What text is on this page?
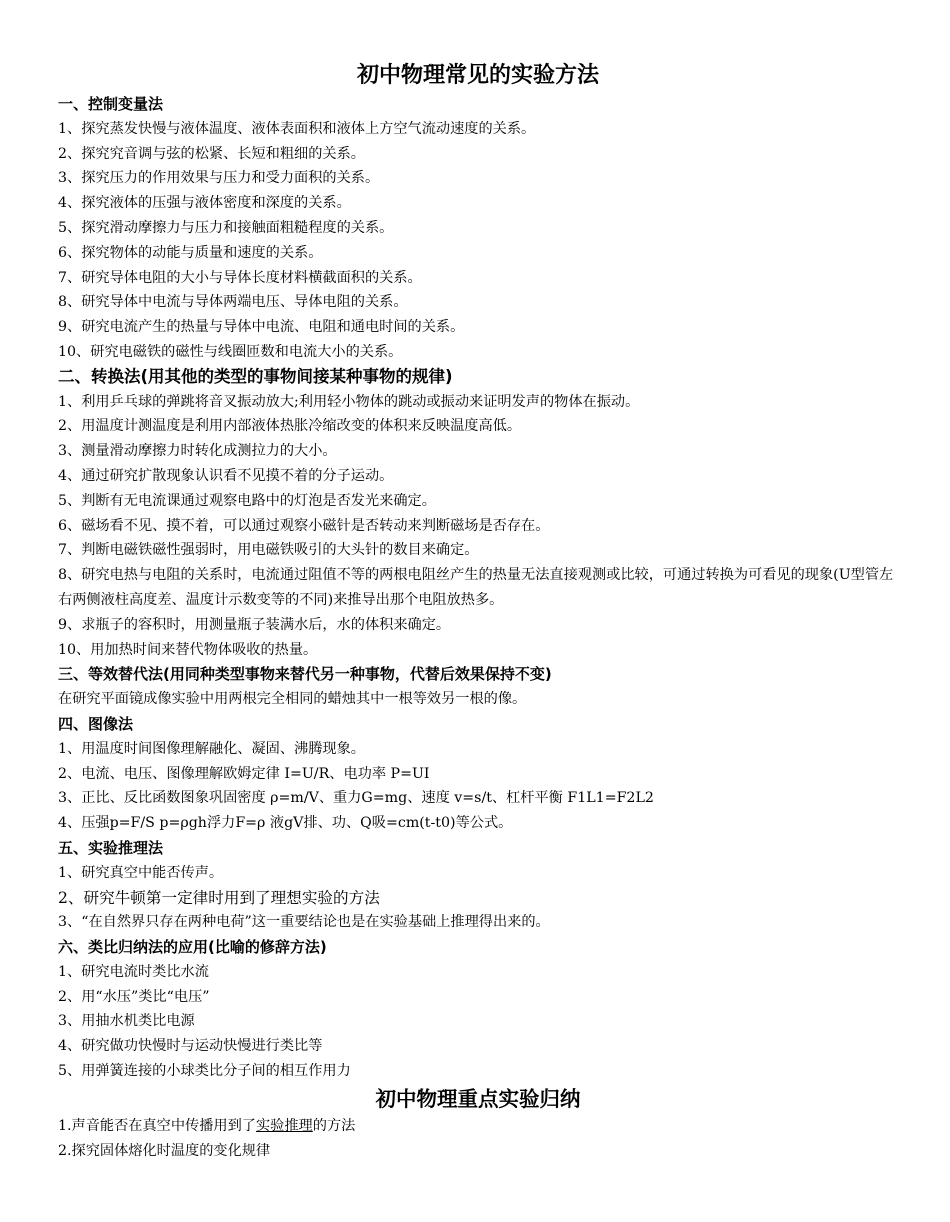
初中物理常见的实验方法
一、控制变量法
1、探究蒸发快慢与液体温度、液体表面积和液体上方空气流动速度的关系。
2、探究究音调与弦的松紧、长短和粗细的关系。
3、探究压力的作用效果与压力和受力面积的关系。
4、探究液体的压强与液体密度和深度的关系。
5、探究滑动摩擦力与压力和接触面粗糙程度的关系。
6、探究物体的动能与质量和速度的关系。
7、研究导体电阻的大小与导体长度材料横截面积的关系。
8、研究导体中电流与导体两端电压、导体电阻的关系。
9、研究电流产生的热量与导体中电流、电阻和通电时间的关系。
10、研究电磁铁的磁性与线圈匝数和电流大小的关系。
二、转换法(用其他的类型的事物间接某种事物的规律)
1、利用乒乓球的弹跳将音叉振动放大;利用轻小物体的跳动或振动来证明发声的物体在振动。
2、用温度计测温度是利用内部液体热胀冷缩改变的体积来反映温度高低。
3、测量滑动摩擦力时转化成测拉力的大小。
4、通过研究扩散现象认识看不见摸不着的分子运动。
5、判断有无电流课通过观察电路中的灯泡是否发光来确定。
6、磁场看不见、摸不着，可以通过观察小磁针是否转动来判断磁场是否存在。
7、判断电磁铁磁性强弱时，用电磁铁吸引的大头针的数目来确定。
8、研究电热与电阻的关系时，电流通过阻值不等的两根电阻丝产生的热量无法直接观测或比较，可通过转换为可看见的现象(U型管左右两侧液柱高度差、温度计示数变等的不同)来推导出那个电阻放热多。
9、求瓶子的容积时，用测量瓶子装满水后，水的体积来确定。
10、用加热时间来替代物体吸收的热量。
三、等效替代法(用同种类型事物来替代另一种事物，代替后效果保持不变)
在研究平面镜成像实验中用两根完全相同的蜡烛其中一根等效另一根的像。
四、图像法
1、用温度时间图像理解融化、凝固、沸腾现象。
2、电流、电压、图像理解欧姆定律 I=U/R、电功率 P=UI
3、正比、反比函数图象巩固密度 ρ=m/V、重力G=mg、速度 v=s/t、杠杆平衡 F1L1=F2L2
4、压强p=F/S p=ρgh浮力F=ρ 液gV排、功、Q吸=cm(t-t0)等公式。
五、实验推理法
1、研究真空中能否传声。
2、研究牛顿第一定律时用到了理想实验的方法
3、“在自然界只存在两种电荷”这一重要结论也是在实验基础上推理得出来的。
六、类比归纳法的应用(比喻的修辞方法)
1、研究电流时类比水流
2、用“水压”类比“电压”
3、用抽水机类比电源
4、研究做功快慢时与运动快慢进行类比等
5、用弹簧连接的小球类比分子间的相互作用力
初中物理重点实验归纳
1.声音能否在真空中传播用到了实验推理的方法
2.探究固体熔化时温度的变化规律
